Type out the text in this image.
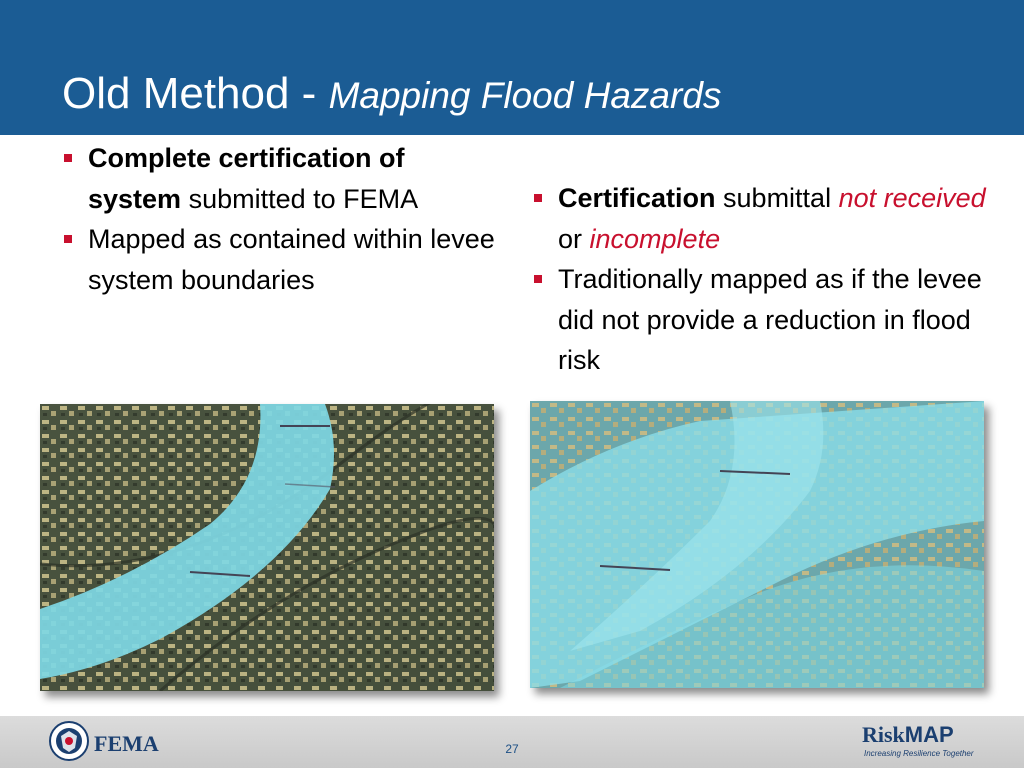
Old Method - Mapping Flood Hazards
Complete certification of system submitted to FEMA
Mapped as contained within levee system boundaries
Certification submittal not received or incomplete
Traditionally mapped as if the levee did not provide a reduction in flood risk
FEMA	27
RiskMAP
Increasing Resilience Together
